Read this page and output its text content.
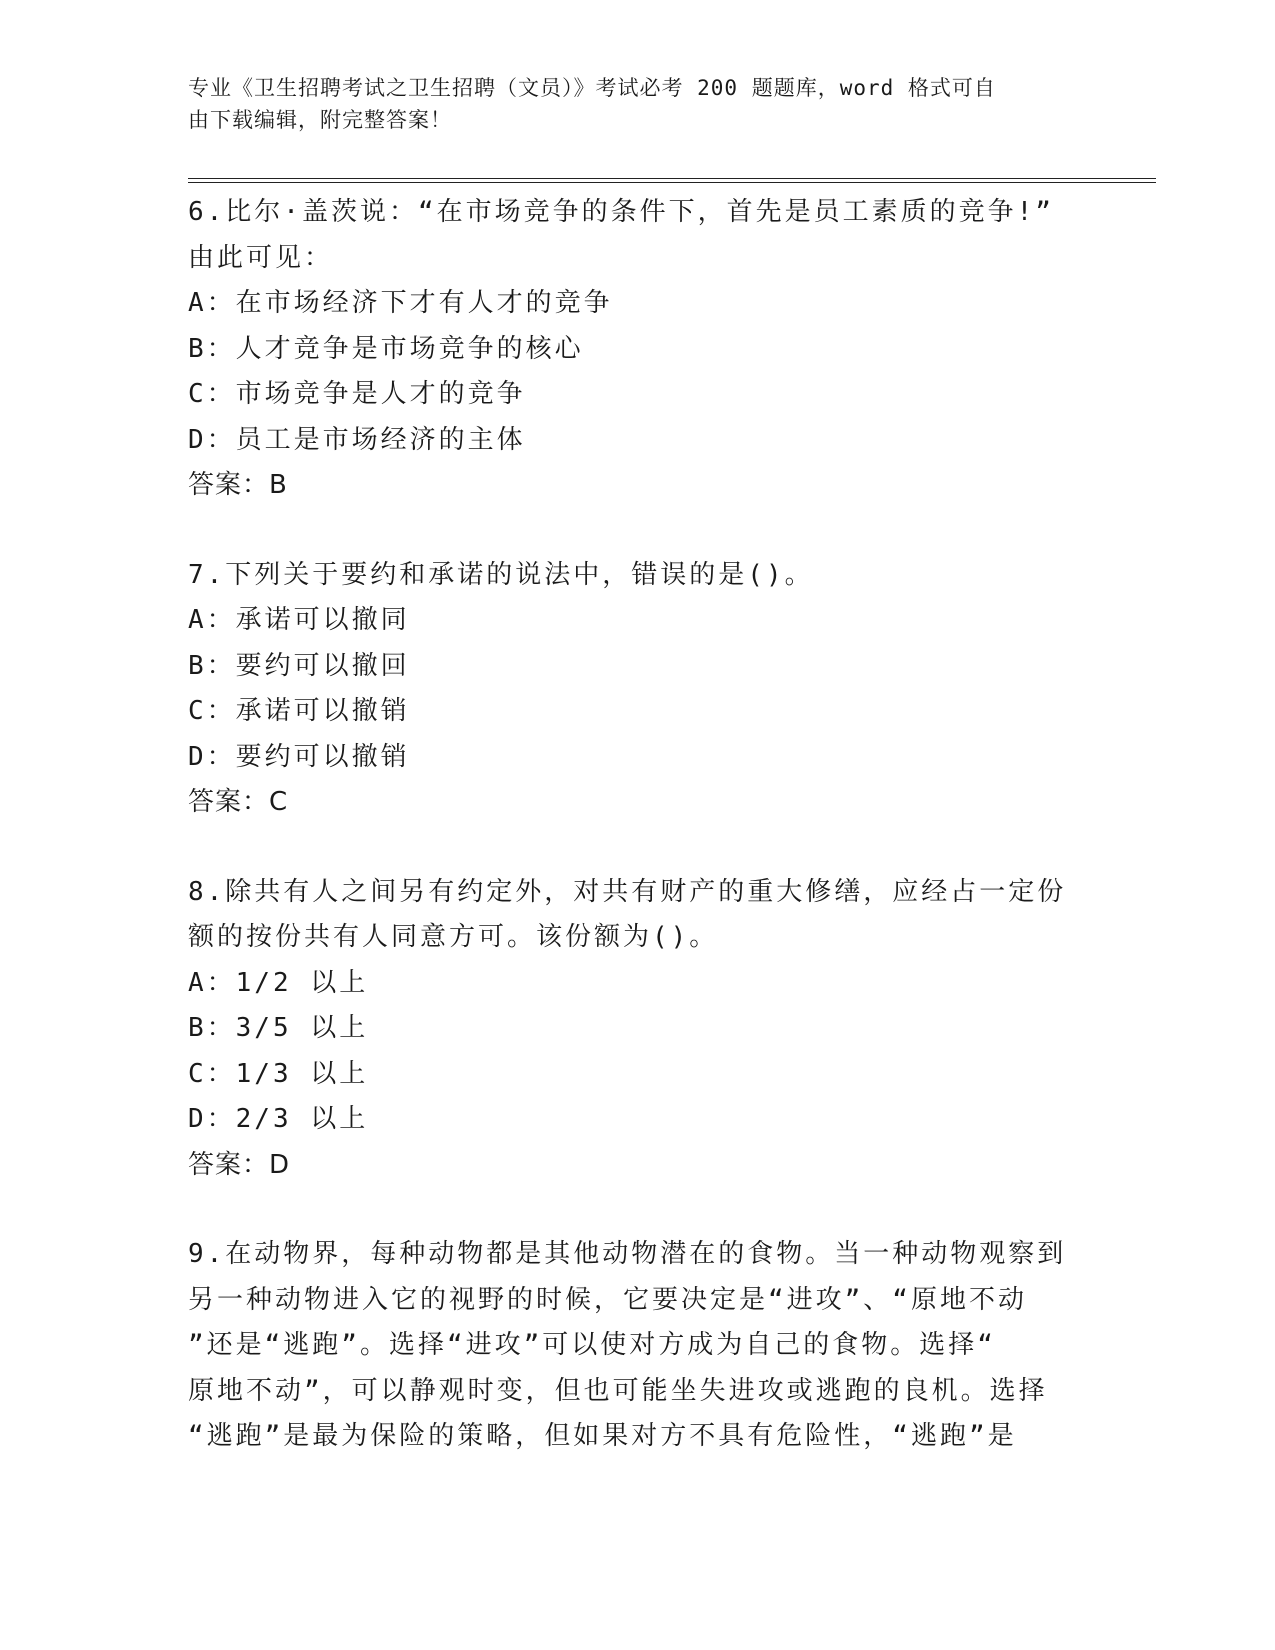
专业《卫生招聘考试之卫生招聘（文员）》考试必考 200 题题库，word 格式可自
由下载编辑，附完整答案！
6.比尔·盖茨说：“在市场竞争的条件下，首先是员工素质的竞争!”
由此可见：
A：在市场经济下才有人才的竞争
B：人才竞争是市场竞争的核心
C：市场竞争是人才的竞争
D：员工是市场经济的主体
答案：B
7.下列关于要约和承诺的说法中，错误的是()。
A：承诺可以撤同
B：要约可以撤回
C：承诺可以撤销
D：要约可以撤销
答案：C
8.除共有人之间另有约定外，对共有财产的重大修缮，应经占一定份
额的按份共有人同意方可。该份额为()。
A：1/2 以上
B：3/5 以上
C：1/3 以上
D：2/3 以上
答案：D
9.在动物界，每种动物都是其他动物潜在的食物。当一种动物观察到
另一种动物进入它的视野的时候，它要决定是“进攻”、“原地不动
”还是“逃跑”。选择“进攻”可以使对方成为自己的食物。选择“
原地不动”，可以静观时变，但也可能坐失进攻或逃跑的良机。选择
“逃跑”是最为保险的策略，但如果对方不具有危险性，“逃跑”是
